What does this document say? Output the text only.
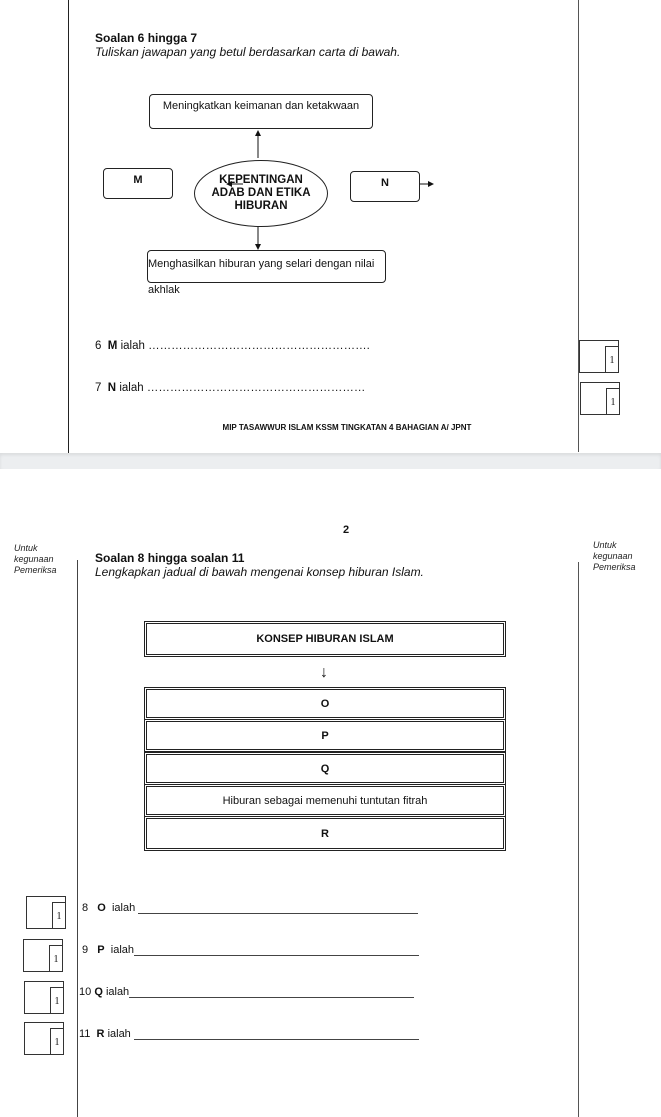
Soalan 6 hingga 7
Tuliskan jawapan yang betul berdasarkan carta di bawah.
Meningkatkan keimanan dan ketakwaan
M	N
KEPENTINGAN
ADAB DAN ETIKA
HIBURAN
Menghasilkan hiburan yang selari dengan nilai akhlak
6 M ialah ………………………………………………….
1
7 N ialah …………………………………………………
1
MIP TASAWWUR ISLAM KSSM TINGKATAN 4 BAHAGIAN A/ JPNT
2
Untuk
kegunaan
Pemeriksa
Untuk
kegunaan
Pemeriksa
Soalan 8 hingga soalan 11
Lengkapkan jadual di bawah mengenai konsep hiburan Islam.
KONSEP HIBURAN ISLAM
↓
O
P
Q
Hiburan sebagai memenuhi tuntutan fitrah
R
8 O ialah
1
9 P ialah
1
10 Q ialah
1
11 R ialah
1
